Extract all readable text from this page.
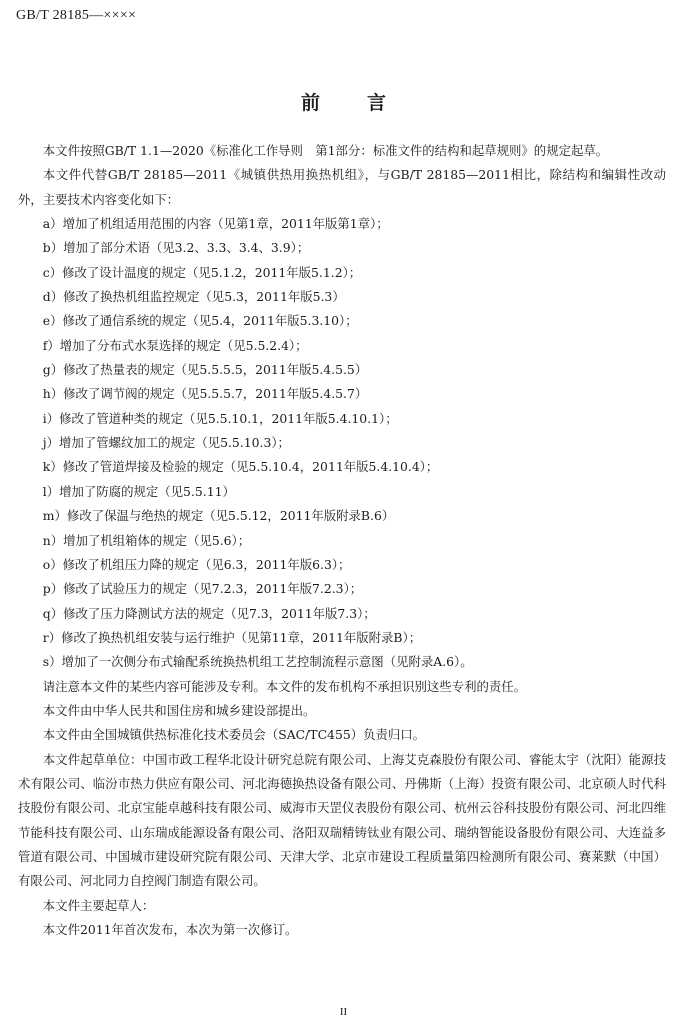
GB/T 28185—××××
前　言

本文件按照GB/T 1.1—2020《标准化工作导则　第1部分：标准文件的结构和起草规则》的规定起草。

本文件代替GB/T 28185—2011《城镇供热用换热机组》，与GB/T 28185—2011相比，除结构和编辑性改动外，主要技术内容变化如下：

a）增加了机组适用范围的内容（见第1章，2011年版第1章）；

b）增加了部分术语（见3.2、3.3、3.4、3.9）；

c）修改了设计温度的规定（见5.1.2，2011年版5.1.2）；

d）修改了换热机组监控规定（见5.3，2011年版5.3）

e）修改了通信系统的规定（见5.4，2011年版5.3.10）；

f）增加了分布式水泵选择的规定（见5.5.2.4）；

g）修改了热量表的规定（见5.5.5.5，2011年版5.4.5.5）

h）修改了调节阀的规定（见5.5.5.7，2011年版5.4.5.7）

i）修改了管道种类的规定（见5.5.10.1，2011年版5.4.10.1）；

j）增加了管螺纹加工的规定（见5.5.10.3）；

k）修改了管道焊接及检验的规定（见5.5.10.4，2011年版5.4.10.4）；

l）增加了防腐的规定（见5.5.11）

m）修改了保温与绝热的规定（见5.5.12，2011年版附录B.6）

n）增加了机组箱体的规定（见5.6）；

o）修改了机组压力降的规定（见6.3，2011年版6.3）；

p）修改了试验压力的规定（见7.2.3，2011年版7.2.3）；

q）修改了压力降测试方法的规定（见7.3，2011年版7.3）；

r）修改了换热机组安装与运行维护（见第11章，2011年版附录B）；

s）增加了一次侧分布式输配系统换热机组工艺控制流程示意图（见附录A.6）。

请注意本文件的某些内容可能涉及专利。本文件的发布机构不承担识别这些专利的责任。

本文件由中华人民共和国住房和城乡建设部提出。

本文件由全国城镇供热标准化技术委员会（SAC/TC455）负责归口。

本文件起草单位：中国市政工程华北设计研究总院有限公司、上海艾克森股份有限公司、睿能太宇（沈阳）能源技术有限公司、临汾市热力供应有限公司、河北海德换热设备有限公司、丹佛斯（上海）投资有限公司、北京硕人时代科技股份有限公司、北京宝能卓越科技有限公司、威海市天罡仪表股份有限公司、杭州云谷科技股份有限公司、河北四维节能科技有限公司、山东瑞成能源设备有限公司、洛阳双瑞精铸钛业有限公司、瑞纳智能设备股份有限公司、大连益多管道有限公司、中国城市建设研究院有限公司、天津大学、北京市建设工程质量第四检测所有限公司、赛莱默（中国）有限公司、河北同力自控阀门制造有限公司。

本文件主要起草人：

本文件2011年首次发布，本次为第一次修订。

II
